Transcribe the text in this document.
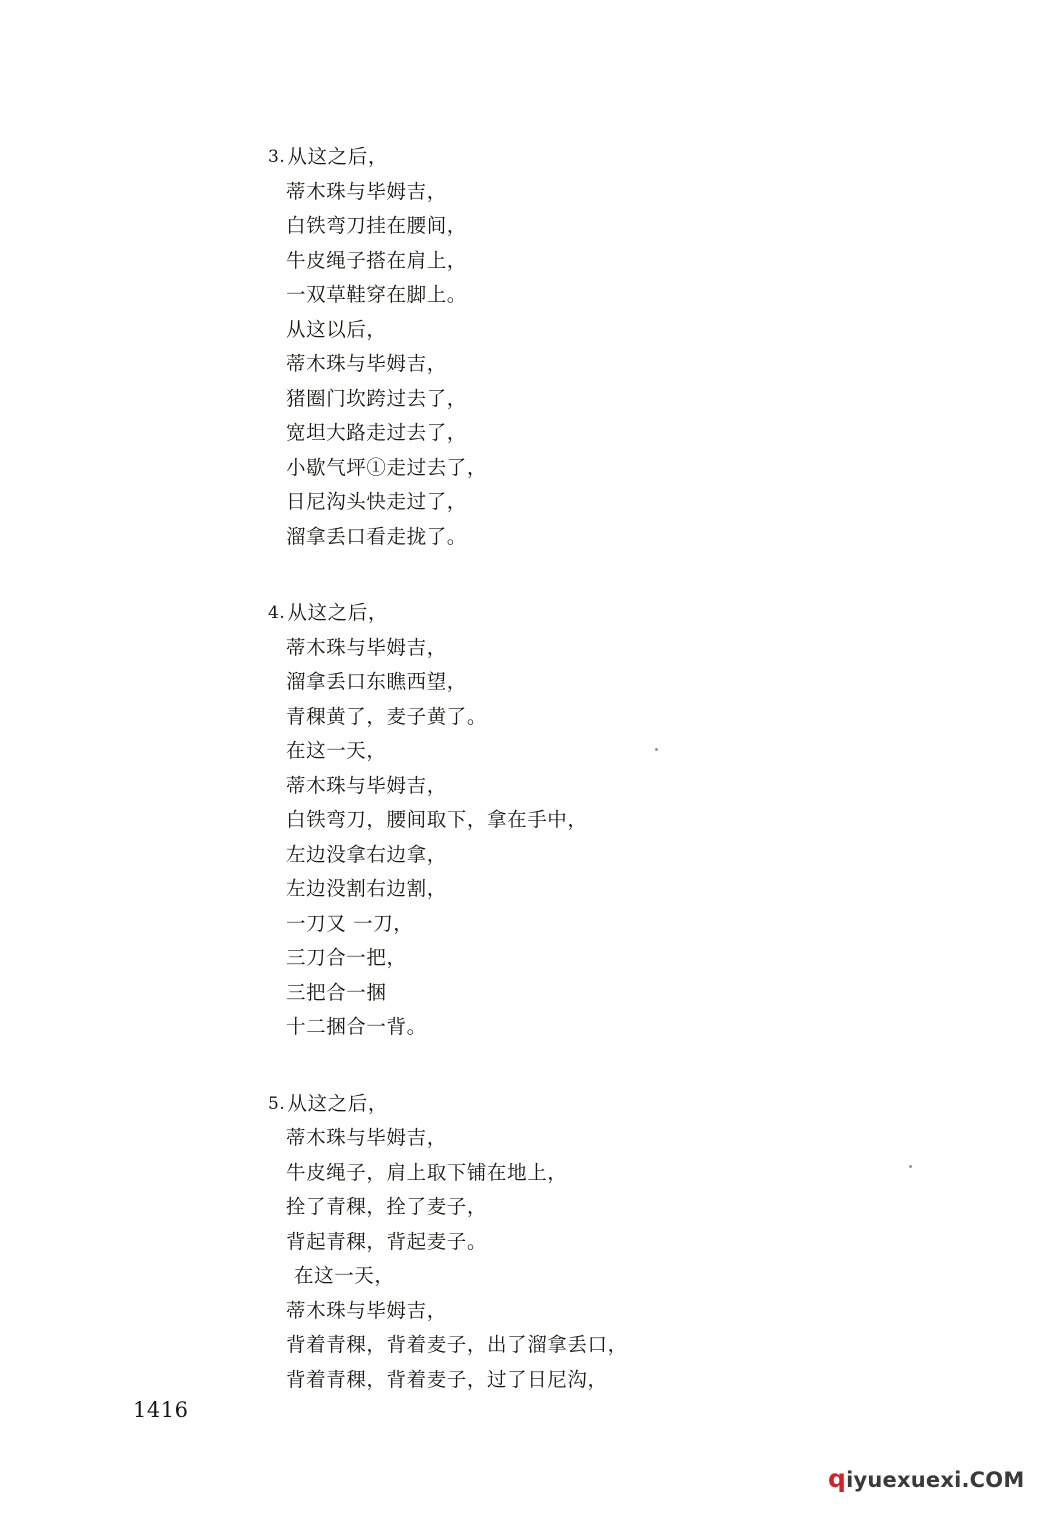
3. 从这之后，
蒂木珠与毕姆吉，
白铁弯刀挂在腰间，
牛皮绳子搭在肩上，
一双草鞋穿在脚上。
从这以后，
蒂木珠与毕姆吉，
猪圈门坎跨过去了，
宽坦大路走过去了，
小歇气坪①走过去了，
日尼沟头快走过了，
溜拿丢口看走拢了。
4. 从这之后，
蒂木珠与毕姆吉，
溜拿丢口东瞧西望，
青稞黄了，麦子黄了。
在这一天，
蒂木珠与毕姆吉，
白铁弯刀，腰间取下，拿在手中，
左边没拿右边拿，
左边没割右边割，
一刀又 一刀，
三刀合一把，
三把合一捆
十二捆合一背。
5. 从这之后，
蒂木珠与毕姆吉，
牛皮绳子，肩上取下铺在地上，
拴了青稞，拴了麦子，
背起青稞，背起麦子。
在这一天，
蒂木珠与毕姆吉，
背着青稞，背着麦子，出了溜拿丢口，
背着青稞，背着麦子，过了日尼沟，
1416
qiyuexuexi.COM
